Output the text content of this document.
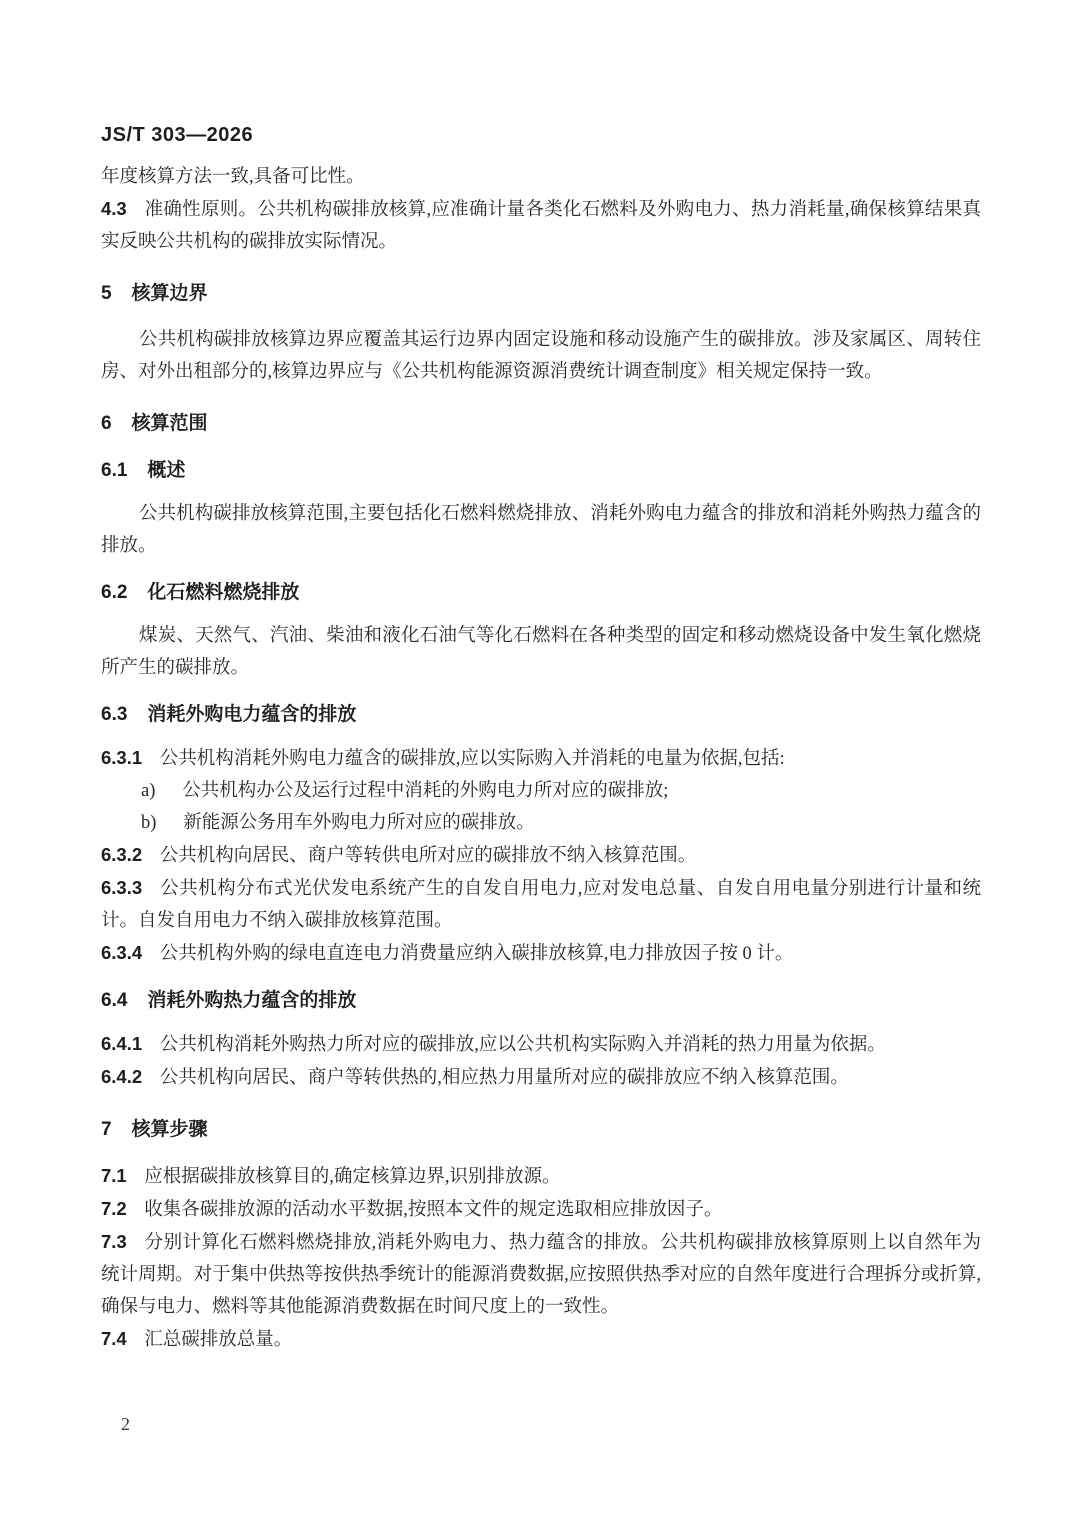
JS/T 303—2026

年度核算方法一致,具备可比性。

4.3 准确性原则。公共机构碳排放核算,应准确计量各类化石燃料及外购电力、热力消耗量,确保核算结果真实反映公共机构的碳排放实际情况。

5 核算边界

公共机构碳排放核算边界应覆盖其运行边界内固定设施和移动设施产生的碳排放。涉及家属区、周转住房、对外出租部分的,核算边界应与《公共机构能源资源消费统计调查制度》相关规定保持一致。

6 核算范围

6.1 概述

公共机构碳排放核算范围,主要包括化石燃料燃烧排放、消耗外购电力蕴含的排放和消耗外购热力蕴含的排放。

6.2 化石燃料燃烧排放

煤炭、天然气、汽油、柴油和液化石油气等化石燃料在各种类型的固定和移动燃烧设备中发生氧化燃烧所产生的碳排放。

6.3 消耗外购电力蕴含的排放

6.3.1 公共机构消耗外购电力蕴含的碳排放,应以实际购入并消耗的电量为依据,包括:

a) 公共机构办公及运行过程中消耗的外购电力所对应的碳排放;

b) 新能源公务用车外购电力所对应的碳排放。

6.3.2 公共机构向居民、商户等转供电所对应的碳排放不纳入核算范围。

6.3.3 公共机构分布式光伏发电系统产生的自发自用电力,应对发电总量、自发自用电量分别进行计量和统计。自发自用电力不纳入碳排放核算范围。

6.3.4 公共机构外购的绿电直连电力消费量应纳入碳排放核算,电力排放因子按 0 计。

6.4 消耗外购热力蕴含的排放

6.4.1 公共机构消耗外购热力所对应的碳排放,应以公共机构实际购入并消耗的热力用量为依据。

6.4.2 公共机构向居民、商户等转供热的,相应热力用量所对应的碳排放应不纳入核算范围。

7 核算步骤

7.1 应根据碳排放核算目的,确定核算边界,识别排放源。

7.2 收集各碳排放源的活动水平数据,按照本文件的规定选取相应排放因子。

7.3 分别计算化石燃料燃烧排放,消耗外购电力、热力蕴含的排放。公共机构碳排放核算原则上以自然年为统计周期。对于集中供热等按供热季统计的能源消费数据,应按照供热季对应的自然年度进行合理拆分或折算,确保与电力、燃料等其他能源消费数据在时间尺度上的一致性。

7.4 汇总碳排放总量。

2
